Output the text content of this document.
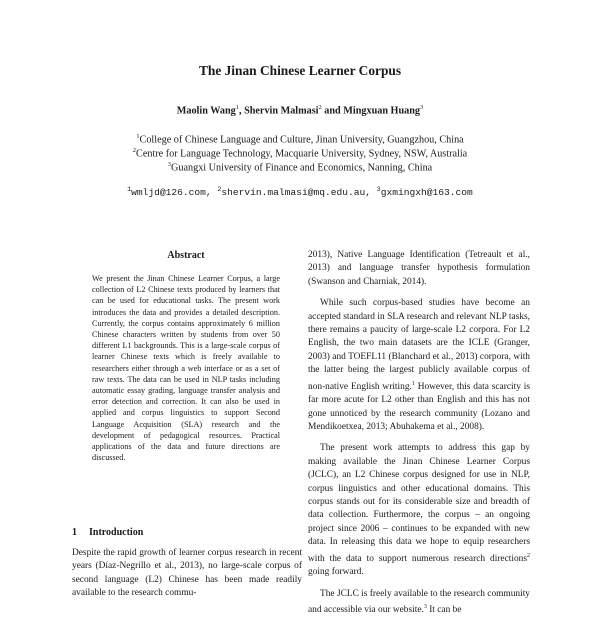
The Jinan Chinese Learner Corpus
Maolin Wang$^1$, Shervin Malmasi$^2$ and Mingxuan Huang$^3$
$^1$College of Chinese Language and Culture, Jinan University, Guangzhou, China
$^2$Centre for Language Technology, Macquarie University, Sydney, NSW, Australia
$^3$Guangxi University of Finance and Economics, Nanning, China
$^1$wmljd@126.com, $^2$shervin.malmasi@mq.edu.au, $^3$gxmingxh@163.com
Abstract
We present the Jinan Chinese Learner Corpus, a large collection of L2 Chinese texts produced by learners that can be used for educational tasks. The present work introduces the data and provides a detailed description. Currently, the corpus contains approximately 6 million Chinese characters written by students from over 50 different L1 backgrounds. This is a large-scale corpus of learner Chinese texts which is freely available to researchers either through a web interface or as a set of raw texts. The data can be used in NLP tasks including automatic essay grading, language transfer analysis and error detection and correction. It can also be used in applied and corpus linguistics to support Second Language Acquisition (SLA) research and the development of pedagogical resources. Practical applications of the data and future directions are discussed.
1 Introduction
Despite the rapid growth of learner corpus research in recent years (Díaz-Negrillo et al., 2013), no large-scale corpus of second language (L2) Chinese has been made readily available to the research commu-

2013), Native Language Identification (Tetreault et al., 2013) and language transfer hypothesis formulation (Swanson and Charniak, 2014).

While such corpus-based studies have become an accepted standard in SLA research and relevant NLP tasks, there remains a paucity of large-scale L2 corpora. For L2 English, the two main datasets are the ICLE (Granger, 2003) and TOEFL11 (Blanchard et al., 2013) corpora, with the latter being the largest publicly available corpus of non-native English writing.$^1$ However, this data scarcity is far more acute for L2 other than English and this has not gone unnoticed by the research community (Lozano and Mendikoetxea, 2013; Abuhakema et al., 2008).

The present work attempts to address this gap by making available the Jinan Chinese Learner Corpus (JCLC), an L2 Chinese corpus designed for use in NLP, corpus linguistics and other educational domains. This corpus stands out for its considerable size and breadth of data collection. Furthermore, the corpus – an ongoing project since 2006 – continues to be expanded with new data. In releasing this data we hope to equip researchers with the data to support numerous research directions$^2$ going forward.

The JCLC is freely available to the research community and accessible via our website.$^3$ It can be
